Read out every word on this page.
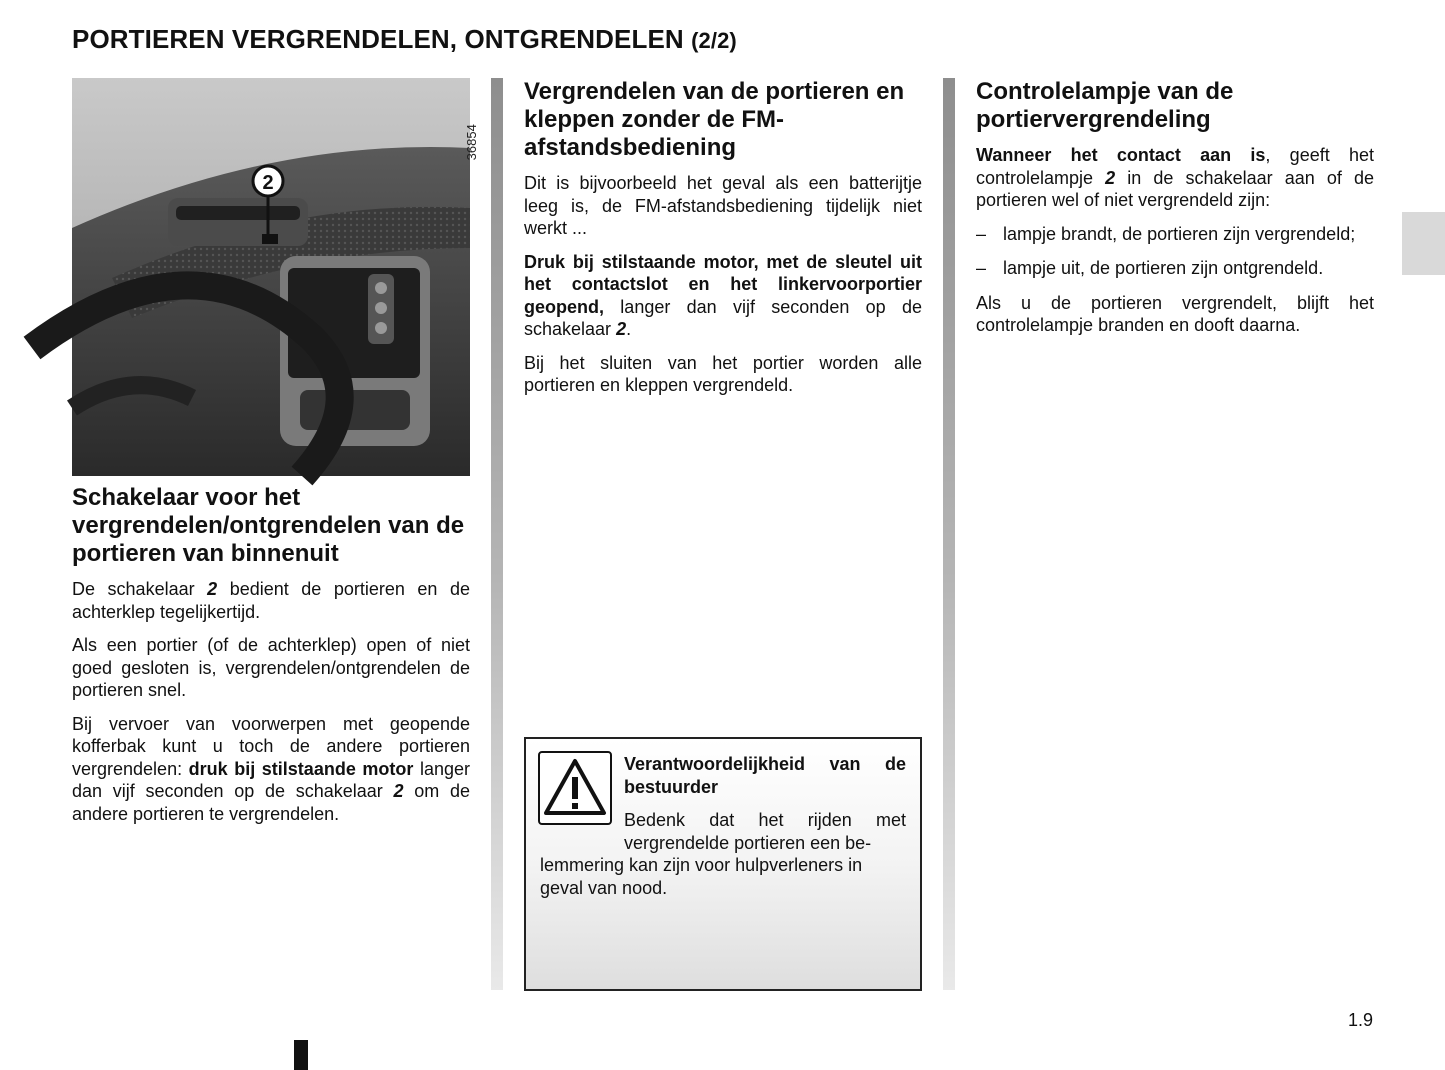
PORTIEREN VERGRENDELEN, ONTGRENDELEN (2/2)
2
36854
Schakelaar voor het vergrendelen/ontgrendelen van de portieren van binnenuit

De schakelaar 2 bedient de portieren en de achterklep tegelijkertijd.

Als een portier (of de achterklep) open of niet goed gesloten is, vergrendelen/ontgrendelen de portieren snel.

Bij vervoer van voorwerpen met geopende kofferbak kunt u toch de andere portieren vergrendelen: druk bij stilstaande motor langer dan vijf seconden op de schakelaar 2 om de andere portieren te vergrendelen.

Vergrendelen van de portieren en kleppen zonder de FM-afstandsbediening

Dit is bijvoorbeeld het geval als een batterijtje leeg is, de FM-afstandsbediening tijdelijk niet werkt ...

Druk bij stilstaande motor, met de sleutel uit het contactslot en het linkervoorportier geopend, langer dan vijf seconden op de schakelaar 2.

Bij het sluiten van het portier worden alle portieren en kleppen vergrendeld.

Verantwoordelijkheid van de bestuurder

Bedenk dat het rijden met vergrendelde portieren een be-
lemmering kan zijn voor hulpverleners in geval van nood.
Controlelampje van de portiervergrendeling

Wanneer het contact aan is, geeft het controlelampje 2 in de schakelaar aan of de portieren wel of niet vergrendeld zijn:

– lampje brandt, de portieren zijn vergrendeld;
– lampje uit, de portieren zijn ontgrendeld.

Als u de portieren vergrendelt, blijft het controlelampje branden en dooft daarna.

1.9
